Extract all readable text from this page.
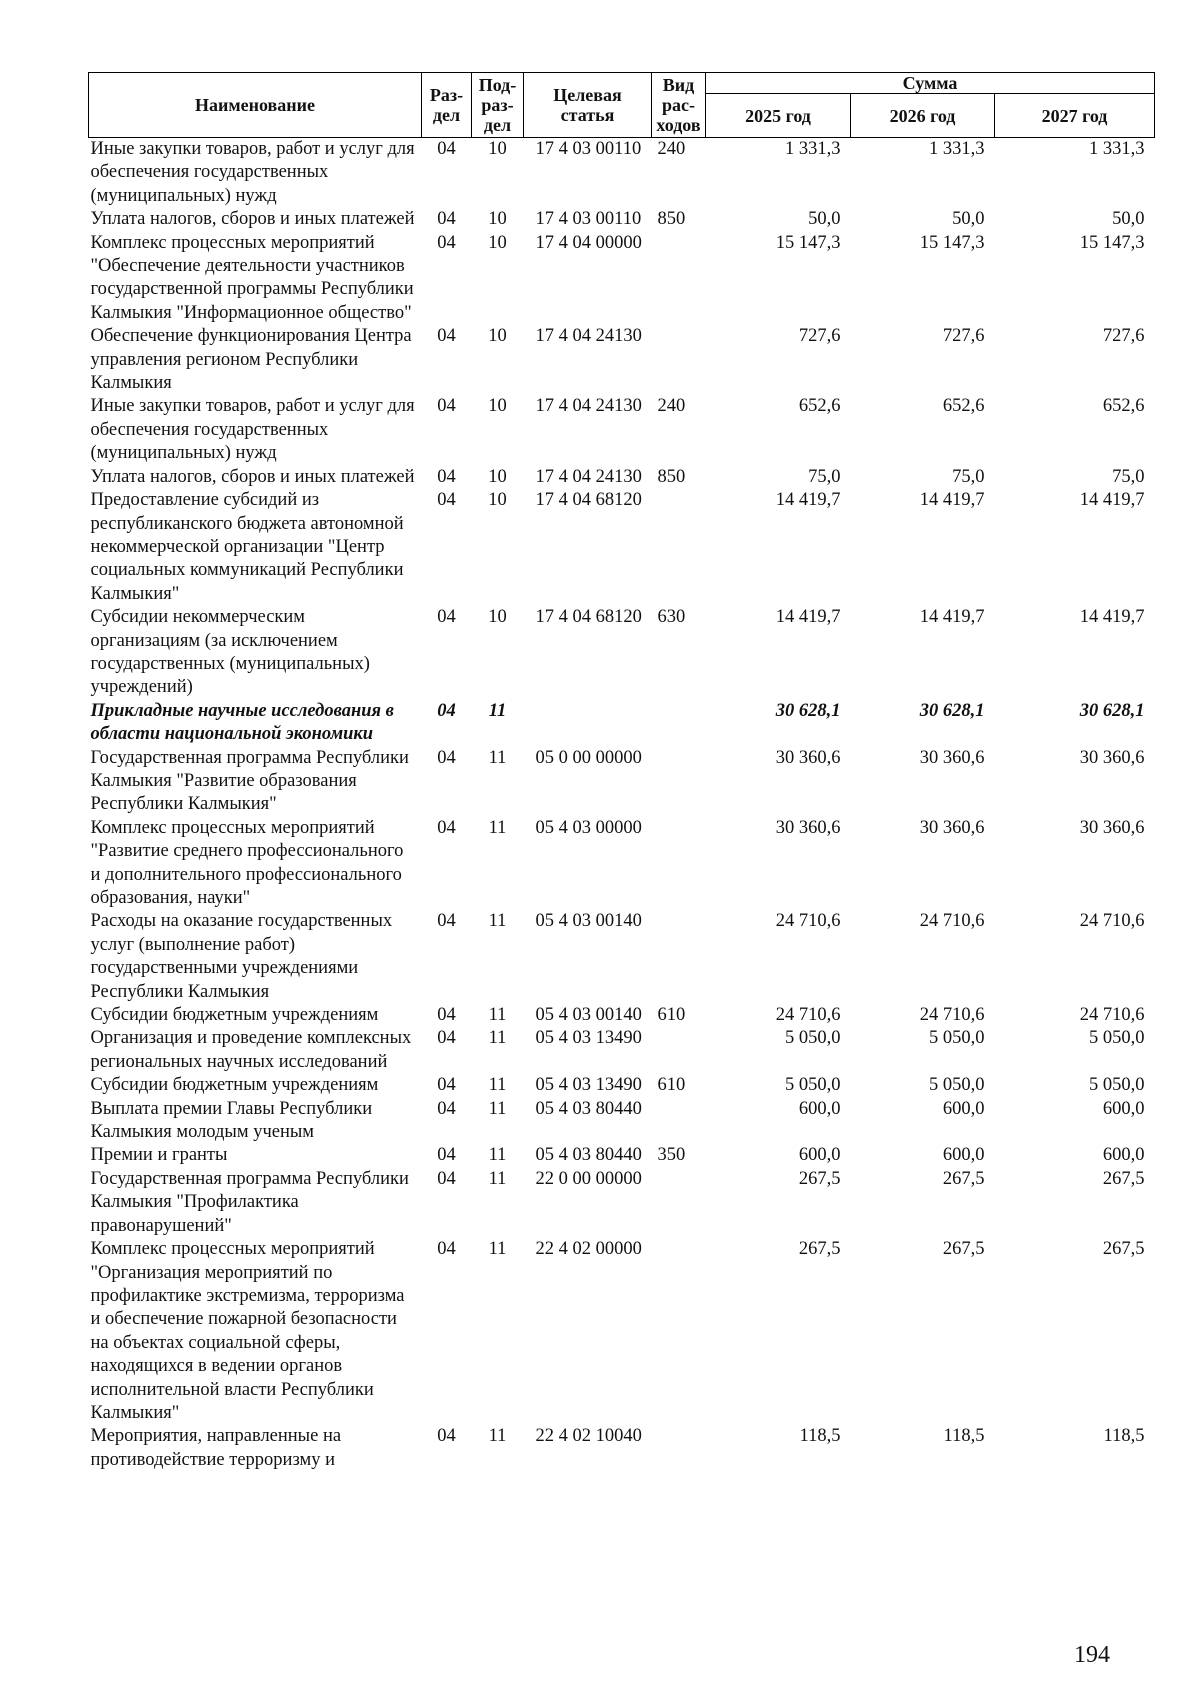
Наименование	Раз-дел	Под-раз-дел	Целевая статья	Вид рас-ходов	Сумма		
					2025 год	2026 год	2027 год
Иные закупки товаров, работ и услуг для обеспечения государственных (муниципальных) нужд	04	10	17 4 03 00110	240	1 331,3	1 331,3	1 331,3
Уплата налогов, сборов и иных платежей	04	10	17 4 03 00110	850	50,0	50,0	50,0
Комплекс процессных мероприятий "Обеспечение деятельности участников государственной программы Республики Калмыкия "Информационное общество"	04	10	17 4 04 00000		15 147,3	15 147,3	15 147,3
Обеспечение функционирования Центра управления регионом Республики Калмыкия	04	10	17 4 04 24130		727,6	727,6	727,6
Иные закупки товаров, работ и услуг для обеспечения государственных (муниципальных) нужд	04	10	17 4 04 24130	240	652,6	652,6	652,6
Уплата налогов, сборов и иных платежей	04	10	17 4 04 24130	850	75,0	75,0	75,0
Предоставление субсидий из республиканского бюджета автономной некоммерческой организации "Центр социальных коммуникаций Республики Калмыкия"	04	10	17 4 04 68120		14 419,7	14 419,7	14 419,7
Субсидии некоммерческим организациям (за исключением государственных (муниципальных) учреждений)	04	10	17 4 04 68120	630	14 419,7	14 419,7	14 419,7
Прикладные научные исследования в области национальной экономики	04	11			30 628,1	30 628,1	30 628,1
Государственная программа Республики Калмыкия "Развитие образования Республики Калмыкия"	04	11	05 0 00 00000		30 360,6	30 360,6	30 360,6
Комплекс процессных мероприятий "Развитие среднего профессионального и дополнительного профессионального образования, науки"	04	11	05 4 03 00000		30 360,6	30 360,6	30 360,6
Расходы на оказание государственных услуг (выполнение работ) государственными учреждениями Республики Калмыкия	04	11	05 4 03 00140		24 710,6	24 710,6	24 710,6
Субсидии бюджетным учреждениям	04	11	05 4 03 00140	610	24 710,6	24 710,6	24 710,6
Организация и проведение комплексных региональных научных исследований	04	11	05 4 03 13490		5 050,0	5 050,0	5 050,0
Субсидии бюджетным учреждениям	04	11	05 4 03 13490	610	5 050,0	5 050,0	5 050,0
Выплата премии Главы Республики Калмыкия молодым ученым	04	11	05 4 03 80440		600,0	600,0	600,0
Премии и гранты	04	11	05 4 03 80440	350	600,0	600,0	600,0
Государственная программа Республики Калмыкия "Профилактика правонарушений"	04	11	22 0 00 00000		267,5	267,5	267,5
Комплекс процессных мероприятий "Организация мероприятий по профилактике экстремизма, терроризма и обеспечение пожарной безопасности на объектах социальной сферы, находящихся в ведении органов исполнительной власти Республики Калмыкия"	04	11	22 4 02 00000		267,5	267,5	267,5
Мероприятия, направленные на противодействие терроризму и	04	11	22 4 02 10040		118,5	118,5	118,5
194
